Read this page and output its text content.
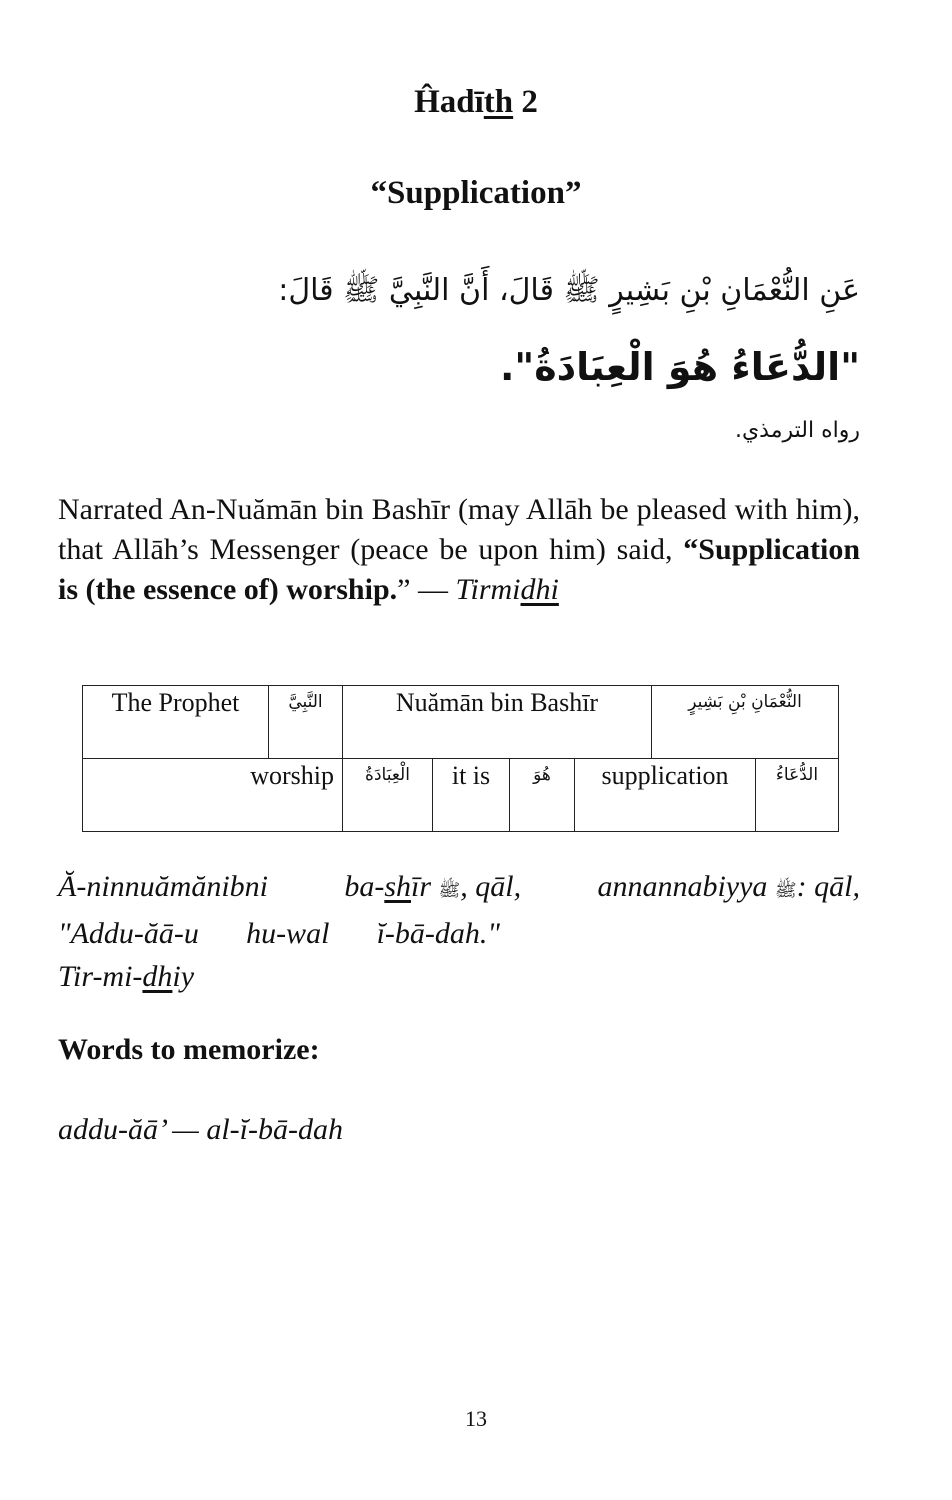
Ĥadīth 2
“Supplication”
عَنِ النُّعْمَانِ بْنِ بَشِيرٍ ﷺ قَالَ، أَنَّ النَّبِيَّ ﷺ قَالَ:
"الدُّعَاءُ هُوَ الْعِبَادَةُ".
رواه الترمذي.

Narrated An-Nuămān bin Bashīr (may Allāh be pleased with him), that Allāh’s Messenger (peace be upon him) said, “Supplication is (the essence of) worship.” — Tirmidhi

The Prophet	النَّبِيَّ	Nuămān bin Bashīr				النُّعْمَانِ بْنِ بَشِيرٍ	
worship		الْعِبَادَةُ	it is	هُوَ	supplication		الدُّعَاءُ
Ă-ninnuămănibni	ba-shīr ﷺ, qāl,	annannabiyya ﷺ: qāl,
"Addu-ăā-u hu-wal ĭ-bā-dah."
Tir-mi-dhiy
Words to memorize:

addu-ăā’ — al-ĭ-bā-dah

13
